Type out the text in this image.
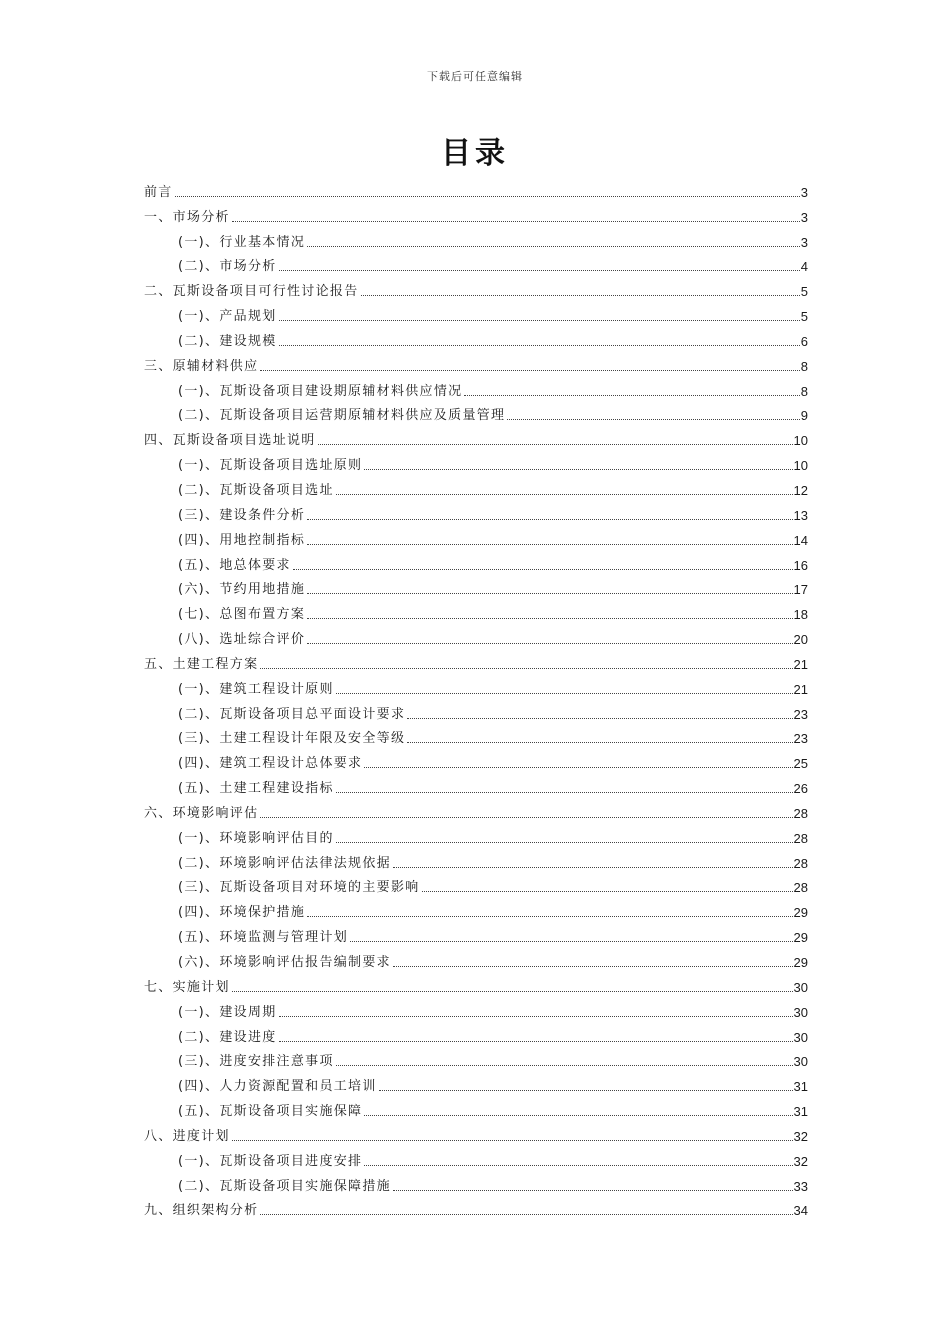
下载后可任意编辑
目录
前言	3
一、市场分析	3
(一)、行业基本情况	3
(二)、市场分析	4
二、瓦斯设备项目可行性讨论报告	5
(一)、产品规划	5
(二)、建设规模	6
三、原辅材料供应	8
(一)、瓦斯设备项目建设期原辅材料供应情况	8
(二)、瓦斯设备项目运营期原辅材料供应及质量管理	9
四、瓦斯设备项目选址说明	10
(一)、瓦斯设备项目选址原则	10
(二)、瓦斯设备项目选址	12
(三)、建设条件分析	13
(四)、用地控制指标	14
(五)、地总体要求	16
(六)、节约用地措施	17
(七)、总图布置方案	18
(八)、选址综合评价	20
五、土建工程方案	21
(一)、建筑工程设计原则	21
(二)、瓦斯设备项目总平面设计要求	23
(三)、土建工程设计年限及安全等级	23
(四)、建筑工程设计总体要求	25
(五)、土建工程建设指标	26
六、环境影响评估	28
(一)、环境影响评估目的	28
(二)、环境影响评估法律法规依据	28
(三)、瓦斯设备项目对环境的主要影响	28
(四)、环境保护措施	29
(五)、环境监测与管理计划	29
(六)、环境影响评估报告编制要求	29
七、实施计划	30
(一)、建设周期	30
(二)、建设进度	30
(三)、进度安排注意事项	30
(四)、人力资源配置和员工培训	31
(五)、瓦斯设备项目实施保障	31
八、进度计划	32
(一)、瓦斯设备项目进度安排	32
(二)、瓦斯设备项目实施保障措施	33
九、组织架构分析	34
